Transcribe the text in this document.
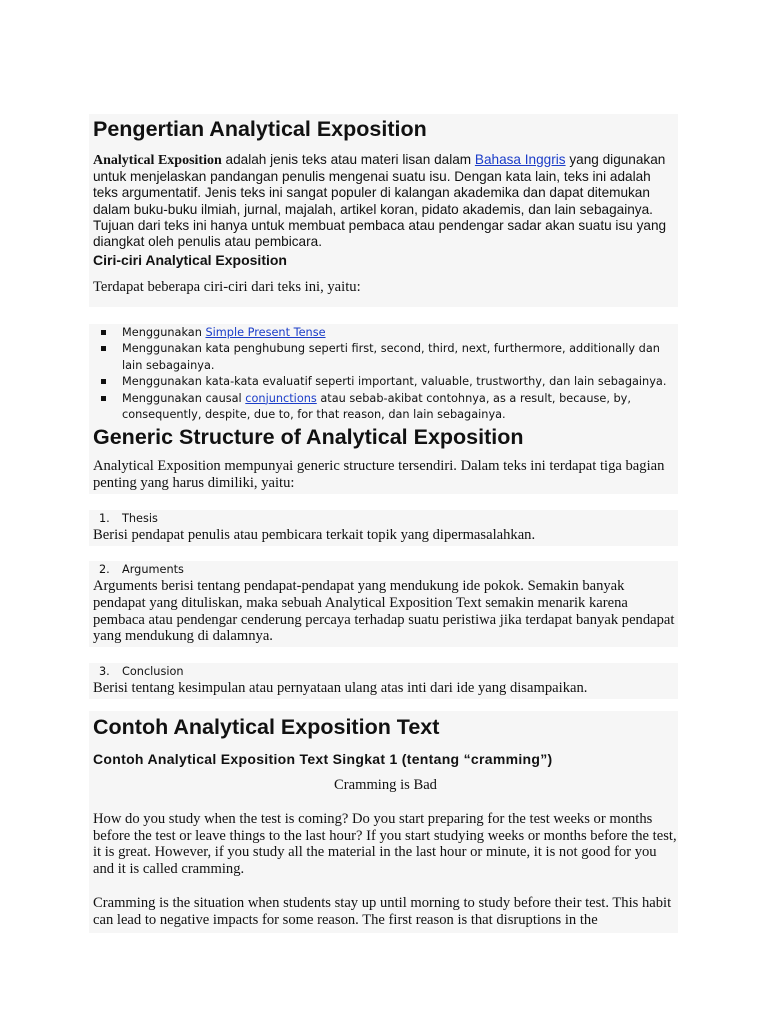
Pengertian Analytical Exposition

Analytical Exposition adalah jenis teks atau materi lisan dalam Bahasa Inggris yang digunakan untuk menjelaskan pandangan penulis mengenai suatu isu. Dengan kata lain, teks ini adalah teks argumentatif. Jenis teks ini sangat populer di kalangan akademika dan dapat ditemukan dalam buku-buku ilmiah, jurnal, majalah, artikel koran, pidato akademis, dan lain sebagainya. Tujuan dari teks ini hanya untuk membuat pembaca atau pendengar sadar akan suatu isu yang diangkat oleh penulis atau pembicara.

Ciri-ciri Analytical Exposition

Terdapat beberapa ciri-ciri dari teks ini, yaitu:

Menggunakan Simple Present Tense
Menggunakan kata penghubung seperti first, second, third, next, furthermore, additionally dan lain sebagainya.
Menggunakan kata-kata evaluatif seperti important, valuable, trustworthy, dan lain sebagainya.
Menggunakan causal conjunctions atau sebab-akibat contohnya, as a result, because, by, consequently, despite, due to, for that reason, dan lain sebagainya.
Generic Structure of Analytical Exposition

Analytical Exposition mempunyai generic structure tersendiri. Dalam teks ini terdapat tiga bagian penting yang harus dimiliki, yaitu:

1. Thesis

Berisi pendapat penulis atau pembicara terkait topik yang dipermasalahkan.

2. Arguments

Arguments berisi tentang pendapat-pendapat yang mendukung ide pokok. Semakin banyak pendapat yang dituliskan, maka sebuah Analytical Exposition Text semakin menarik karena pembaca atau pendengar cenderung percaya terhadap suatu peristiwa jika terdapat banyak pendapat yang mendukung di dalamnya.

3. Conclusion

Berisi tentang kesimpulan atau pernyataan ulang atas inti dari ide yang disampaikan.

Contoh Analytical Exposition Text
Contoh Analytical Exposition Text Singkat 1 (tentang “cramming”)

Cramming is Bad

How do you study when the test is coming? Do you start preparing for the test weeks or months before the test or leave things to the last hour? If you start studying weeks or months before the test, it is great. However, if you study all the material in the last hour or minute, it is not good for you and it is called cramming.

Cramming is the situation when students stay up until morning to study before their test. This habit can lead to negative impacts for some reason. The first reason is that disruptions in the
